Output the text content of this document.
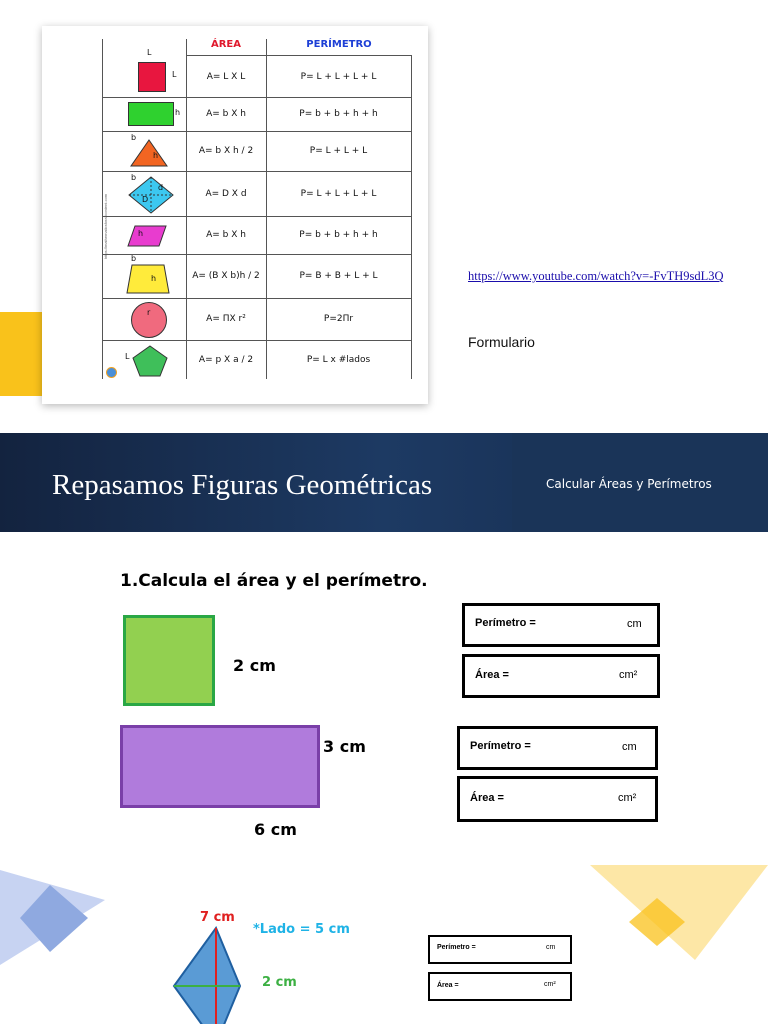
ÁREA	PERÍMETRO
https://mathematicsforallcontent.com
L
L	A= L X L	P= L + L + L + L
h	A= b X h	P= b + b + h + h
b
h	A= b X h / 2	P= L + L + L
b
d
D
A= D X d	P= L + L + L + L
h	A= b X h	P= b + b + h + h
b
h	A= (B X b)h / 2	P= B + B + L + L
r
A= ΠX r²	P=2Πr
L	A= p X a / 2	P= L x #lados
https://www.youtube.com/watch?v=-FvTH9sdL3Q
Formulario
Repasamos Figuras Geométricas	Calcular Áreas y Perímetros
1.Calcula el área y el perímetro.
2 cm
3 cm
6 cm
Perímetro =	cm
Área =	cm²
Perímetro =	cm
Área =	cm²
Perímetro =	cm
Área =	cm²
7 cm
*Lado = 5 cm
2 cm
